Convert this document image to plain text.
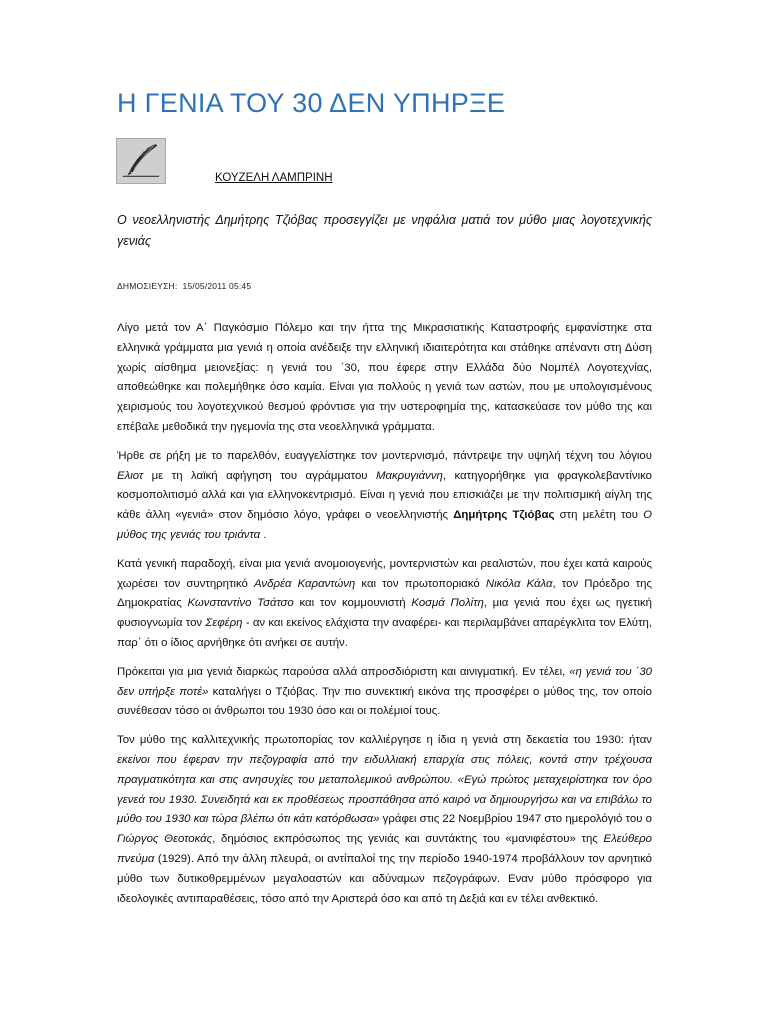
Η ΓΕΝΙΑ ΤΟΥ 30 ΔΕΝ ΥΠΗΡΞΕ
ΚΟΥΖΕΛΗ ΛΑΜΠΡΙΝΗ

Ο νεοελληνιστής Δημήτρης Τζιόβας προσεγγίζει με νηφάλια ματιά τον μύθο μιας λογοτεχνικής γενιάς

ΔΗΜΟΣΙΕΥΣΗ: 15/05/2011 05:45

Λίγο μετά τον Α΄ Παγκόσμιο Πόλεμο και την ήττα της Μικρασιατικής Καταστροφής εμφανίστηκε στα ελληνικά γράμματα μια γενιά η οποία ανέδειξε την ελληνική ιδιαιτερότητα και στάθηκε απέναντι στη Δύση χωρίς αίσθημα μειονεξίας: η γενιά του ΄30, που έφερε στην Ελλάδα δύο Νομπέλ Λογοτεχνίας, αποθεώθηκε και πολεμήθηκε όσο καμία. Είναι για πολλούς η γενιά των αστών, που με υπολογισμένους χειρισμούς του λογοτεχνικού θεσμού φρόντισε για την υστεροφημία της, κατασκεύασε τον μύθο της και επέβαλε μεθοδικά την ηγεμονία της στα νεοελληνικά γράμματα.

Ήρθε σε ρήξη με το παρελθόν, ευαγγελίστηκε τον μοντερνισμό, πάντρεψε την υψηλή τέχνη του λόγιου Ελιοτ με τη λαϊκή αφήγηση του αγράμματου Μακρυγιάννη, κατηγορήθηκε για φραγκολεβαντίνικο κοσμοπολιτισμό αλλά και για ελληνοκεντρισμό. Είναι η γενιά που επισκιάζει με την πολιτισμική αίγλη της κάθε άλλη «γενιά» στον δημόσιο λόγο, γράφει ο νεοελληνιστής Δημήτρης Τζιόβας στη μελέτη του Ο μύθος της γενιάς του τριάντα .

Κατά γενική παραδοχή, είναι μια γενιά ανομοιογενής, μοντερνιστών και ρεαλιστών, που έχει κατά καιρούς χωρέσει τον συντηρητικό Ανδρέα Καραντώνη και τον πρωτοποριακό Νικόλα Κάλα, τον Πρόεδρο της Δημοκρατίας Κωνσταντίνο Τσάτσο και τον κομμουνιστή Κοσμά Πολίτη, μια γενιά που έχει ως ηγετική φυσιογνωμία τον Σεφέρη - αν και εκείνος ελάχιστα την αναφέρει- και περιλαμβάνει απαρέγκλιτα τον Ελύτη, παρ΄ ότι ο ίδιος αρνήθηκε ότι ανήκει σε αυτήν.

Πρόκειται για μια γενιά διαρκώς παρούσα αλλά απροσδιόριστη και αινιγματική. Εν τέλει, «η γενιά του ΄30 δεν υπήρξε ποτέ» καταλήγει ο Τζιόβας. Την πιο συνεκτική εικόνα της προσφέρει ο μύθος της, τον οποίο συνέθεσαν τόσο οι άνθρωποι του 1930 όσο και οι πολέμιοί τους.

Τον μύθο της καλλιτεχνικής πρωτοπορίας τον καλλιέργησε η ίδια η γενιά στη δεκαετία του 1930: ήταν εκείνοι που έφεραν την πεζογραφία από την ειδυλλιακή επαρχία στις πόλεις, κοντά στην τρέχουσα πραγματικότητα και στις ανησυχίες του μεταπολεμικού ανθρώπου. «Εγώ πρώτος μεταχειρίστηκα τον όρο γενεά του 1930. Συνειδητά και εκ προθέσεως προσπάθησα από καιρό να δημιουργήσω και να επιβάλω το μύθο του 1930 και τώρα βλέπω ότι κάτι κατόρθωσα» γράφει στις 22 Νοεμβρίου 1947 στο ημερολόγιό του ο Γιώργος Θεοτοκάς, δημόσιος εκπρόσωπος της γενιάς και συντάκτης του «μανιφέστου» της Ελεύθερο πνεύμα (1929). Από την άλλη πλευρά, οι αντίπαλοί της την περίοδο 1940-1974 προβάλλουν τον αρνητικό μύθο των δυτικοθρεμμένων μεγαλοαστών και αδύναμων πεζογράφων. Εναν μύθο πρόσφορο για ιδεολογικές αντιπαραθέσεις, τόσο από την Αριστερά όσο και από τη Δεξιά και εν τέλει ανθεκτικό.
